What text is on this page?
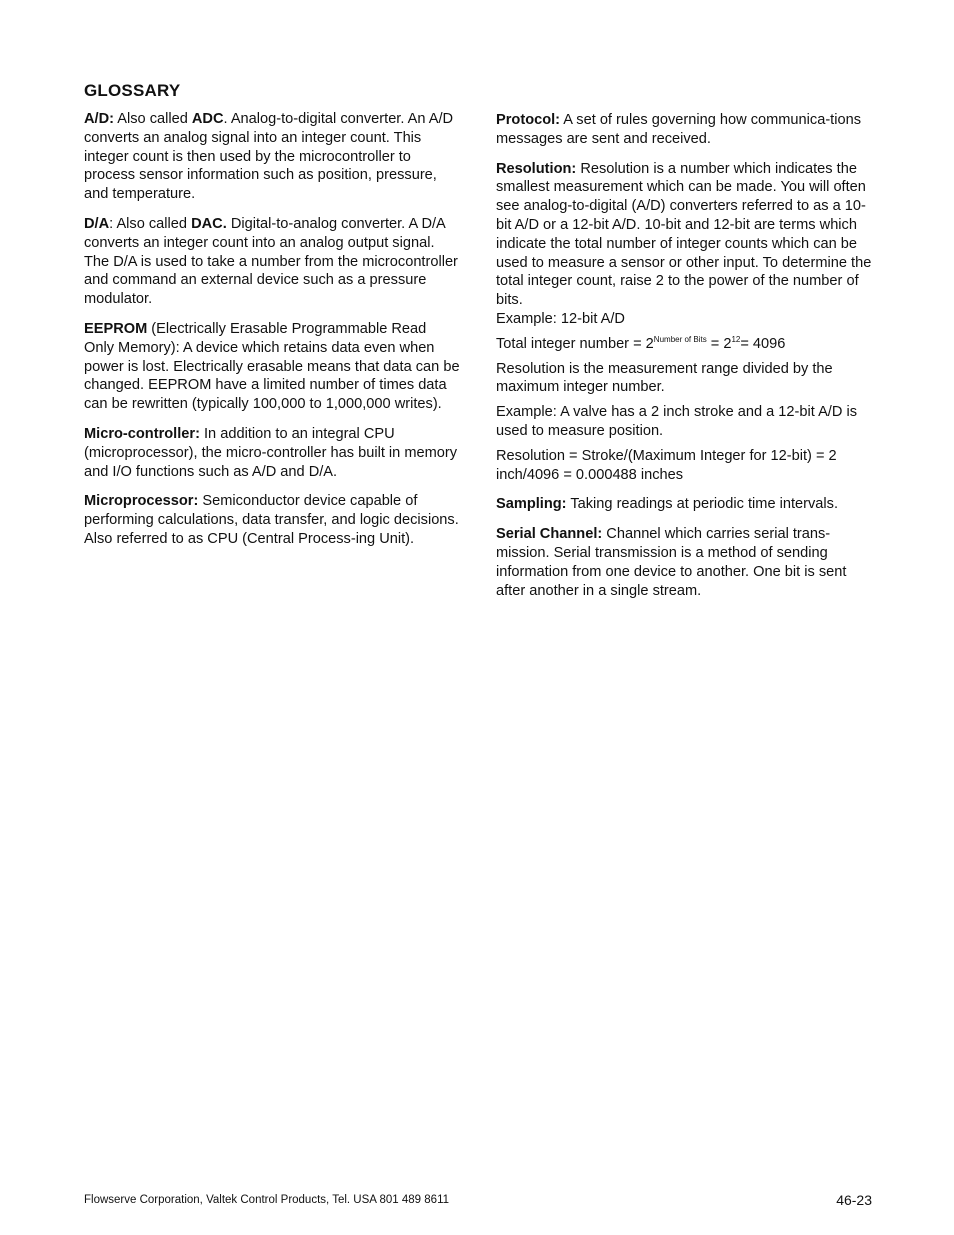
GLOSSARY

A/D: Also called ADC. Analog-to-digital converter. An A/D converts an analog signal into an integer count. This integer count is then used by the microcontroller to process sensor information such as position, pressure, and temperature.

D/A: Also called DAC. Digital-to-analog converter. A D/A converts an integer count into an analog output signal. The D/A is used to take a number from the microcontroller and command an external device such as a pressure modulator.

EEPROM (Electrically Erasable Programmable Read Only Memory): A device which retains data even when power is lost. Electrically erasable means that data can be changed. EEPROM have a limited number of times data can be rewritten (typically 100,000 to 1,000,000 writes).

Micro-controller: In addition to an integral CPU (microprocessor), the micro-controller has built in memory and I/O functions such as A/D and D/A.

Microprocessor: Semiconductor device capable of performing calculations, data transfer, and logic decisions. Also referred to as CPU (Central Process-ing Unit).

Protocol: A set of rules governing how communica-tions messages are sent and received.

Resolution: Resolution is a number which indicates the smallest measurement which can be made. You will often see analog-to-digital (A/D) converters referred to as a 10-bit A/D or a 12-bit A/D. 10-bit and 12-bit are terms which indicate the total number of integer counts which can be used to measure a sensor or other input. To determine the total integer count, raise 2 to the power of the number of bits.
Example: 12-bit A/D

Total integer number = $2^{Number of Bits} = 2^{12}= 4096$

Resolution is the measurement range divided by the maximum integer number.

Example: A valve has a 2 inch stroke and a 12-bit A/D is used to measure position.

Resolution = Stroke/(Maximum Integer for 12-bit) = 2 inch/4096 = 0.000488 inches

Sampling: Taking readings at periodic time intervals.

Serial Channel: Channel which carries serial trans-mission. Serial transmission is a method of sending information from one device to another. One bit is sent after another in a single stream.

Flowserve Corporation, Valtek Control Products, Tel. USA 801 489 8611	46-23
